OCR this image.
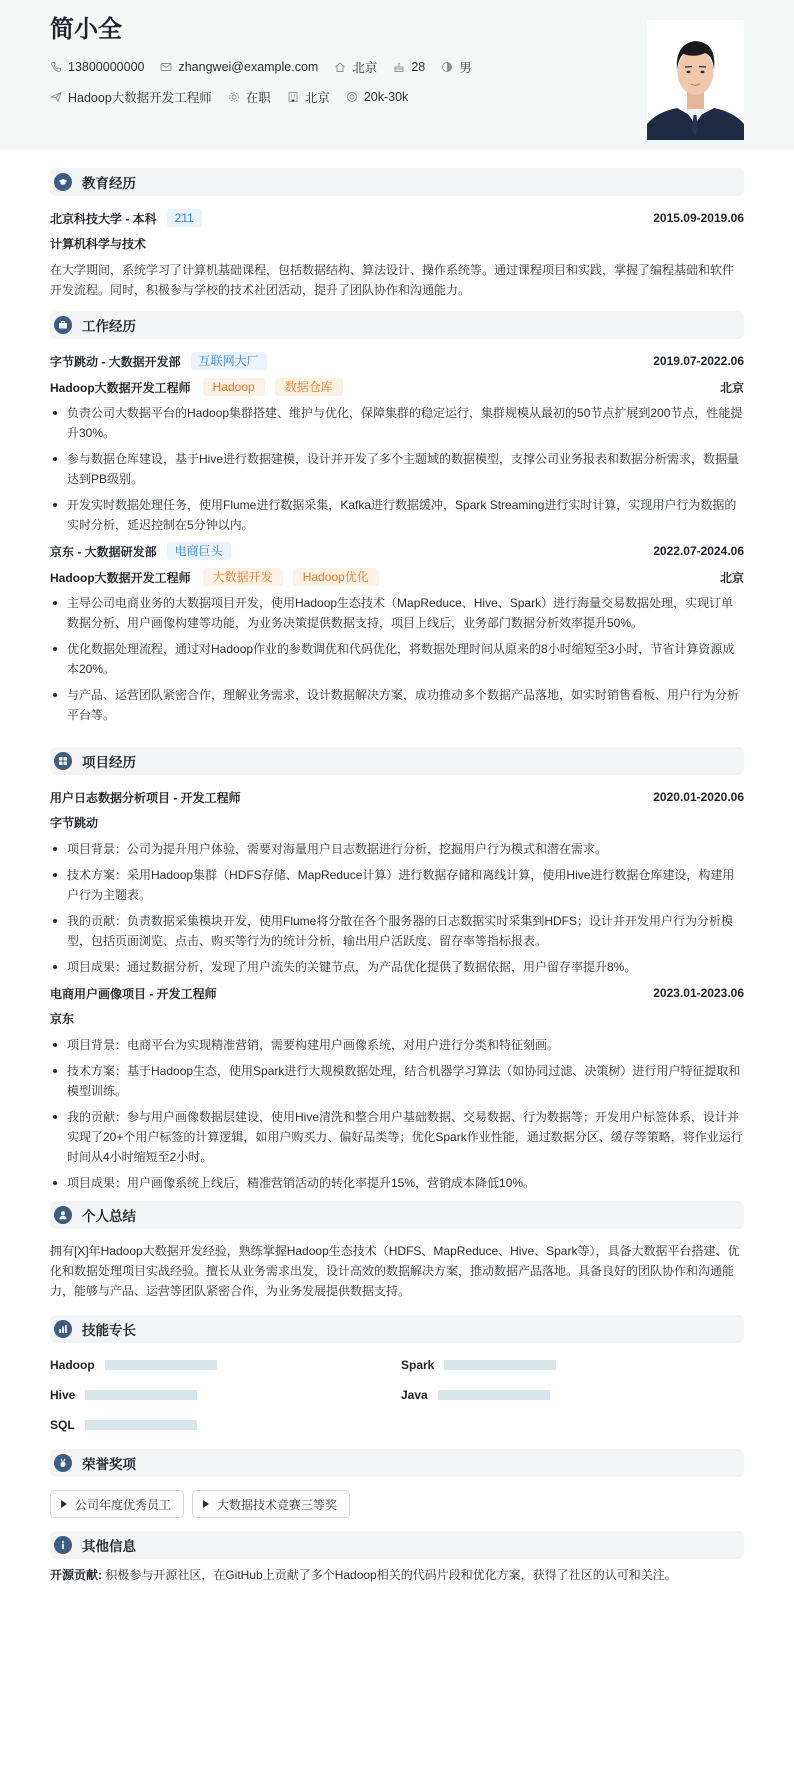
简小全
13800000000	zhangwei@example.com	北京	28	男
Hadoop大数据开发工程师	在职	北京	20k-30k
教育经历
北京科技大学 - 本科	211	2015.09-2019.06
计算机科学与技术
在大学期间，系统学习了计算机基础课程，包括数据结构、算法设计、操作系统等。通过课程项目和实践，掌握了编程基础和软件开发流程。同时，积极参与学校的技术社团活动，提升了团队协作和沟通能力。
工作经历
字节跳动 - 大数据开发部	互联网大厂	2019.07-2022.06
Hadoop大数据开发工程师	Hadoop	数据仓库	北京
负责公司大数据平台的Hadoop集群搭建、维护与优化，保障集群的稳定运行，集群规模从最初的50节点扩展到200节点，性能提升30%。
参与数据仓库建设，基于Hive进行数据建模，设计并开发了多个主题域的数据模型，支撑公司业务报表和数据分析需求，数据量达到PB级别。
开发实时数据处理任务，使用Flume进行数据采集，Kafka进行数据缓冲，Spark Streaming进行实时计算，实现用户行为数据的实时分析，延迟控制在5分钟以内。
京东 - 大数据研发部	电商巨头	2022.07-2024.06
Hadoop大数据开发工程师	大数据开发	Hadoop优化	北京
主导公司电商业务的大数据项目开发，使用Hadoop生态技术（MapReduce、Hive、Spark）进行海量交易数据处理，实现订单数据分析、用户画像构建等功能，为业务决策提供数据支持，项目上线后，业务部门数据分析效率提升50%。
优化数据处理流程，通过对Hadoop作业的参数调优和代码优化，将数据处理时间从原来的8小时缩短至3小时，节省计算资源成本20%。
与产品、运营团队紧密合作，理解业务需求，设计数据解决方案，成功推动多个数据产品落地，如实时销售看板、用户行为分析平台等。
项目经历
用户日志数据分析项目 - 开发工程师	2020.01-2020.06
字节跳动
项目背景：公司为提升用户体验，需要对海量用户日志数据进行分析，挖掘用户行为模式和潜在需求。
技术方案：采用Hadoop集群（HDFS存储、MapReduce计算）进行数据存储和离线计算，使用Hive进行数据仓库建设，构建用户行为主题表。
我的贡献：负责数据采集模块开发，使用Flume将分散在各个服务器的日志数据实时采集到HDFS；设计并开发用户行为分析模型，包括页面浏览、点击、购买等行为的统计分析，输出用户活跃度、留存率等指标报表。
项目成果：通过数据分析，发现了用户流失的关键节点，为产品优化提供了数据依据，用户留存率提升8%。
电商用户画像项目 - 开发工程师	2023.01-2023.06
京东
项目背景：电商平台为实现精准营销，需要构建用户画像系统，对用户进行分类和特征刻画。
技术方案：基于Hadoop生态，使用Spark进行大规模数据处理，结合机器学习算法（如协同过滤、决策树）进行用户特征提取和模型训练。
我的贡献：参与用户画像数据层建设，使用Hive清洗和整合用户基础数据、交易数据、行为数据等；开发用户标签体系，设计并实现了20+个用户标签的计算逻辑，如用户购买力、偏好品类等；优化Spark作业性能，通过数据分区、缓存等策略，将作业运行时间从4小时缩短至2小时。
项目成果：用户画像系统上线后，精准营销活动的转化率提升15%，营销成本降低10%。
个人总结
拥有[X]年Hadoop大数据开发经验，熟练掌握Hadoop生态技术（HDFS、MapReduce、Hive、Spark等），具备大数据平台搭建、优化和数据处理项目实战经验。擅长从业务需求出发，设计高效的数据解决方案，推动数据产品落地。具备良好的团队协作和沟通能力，能够与产品、运营等团队紧密合作，为业务发展提供数据支持。
技能专长
Hadoop	Spark
Hive	Java
SQL
荣誉奖项
公司年度优秀员工	大数据技术竞赛三等奖
其他信息
开源贡献: 积极参与开源社区，在GitHub上贡献了多个Hadoop相关的代码片段和优化方案，获得了社区的认可和关注。
